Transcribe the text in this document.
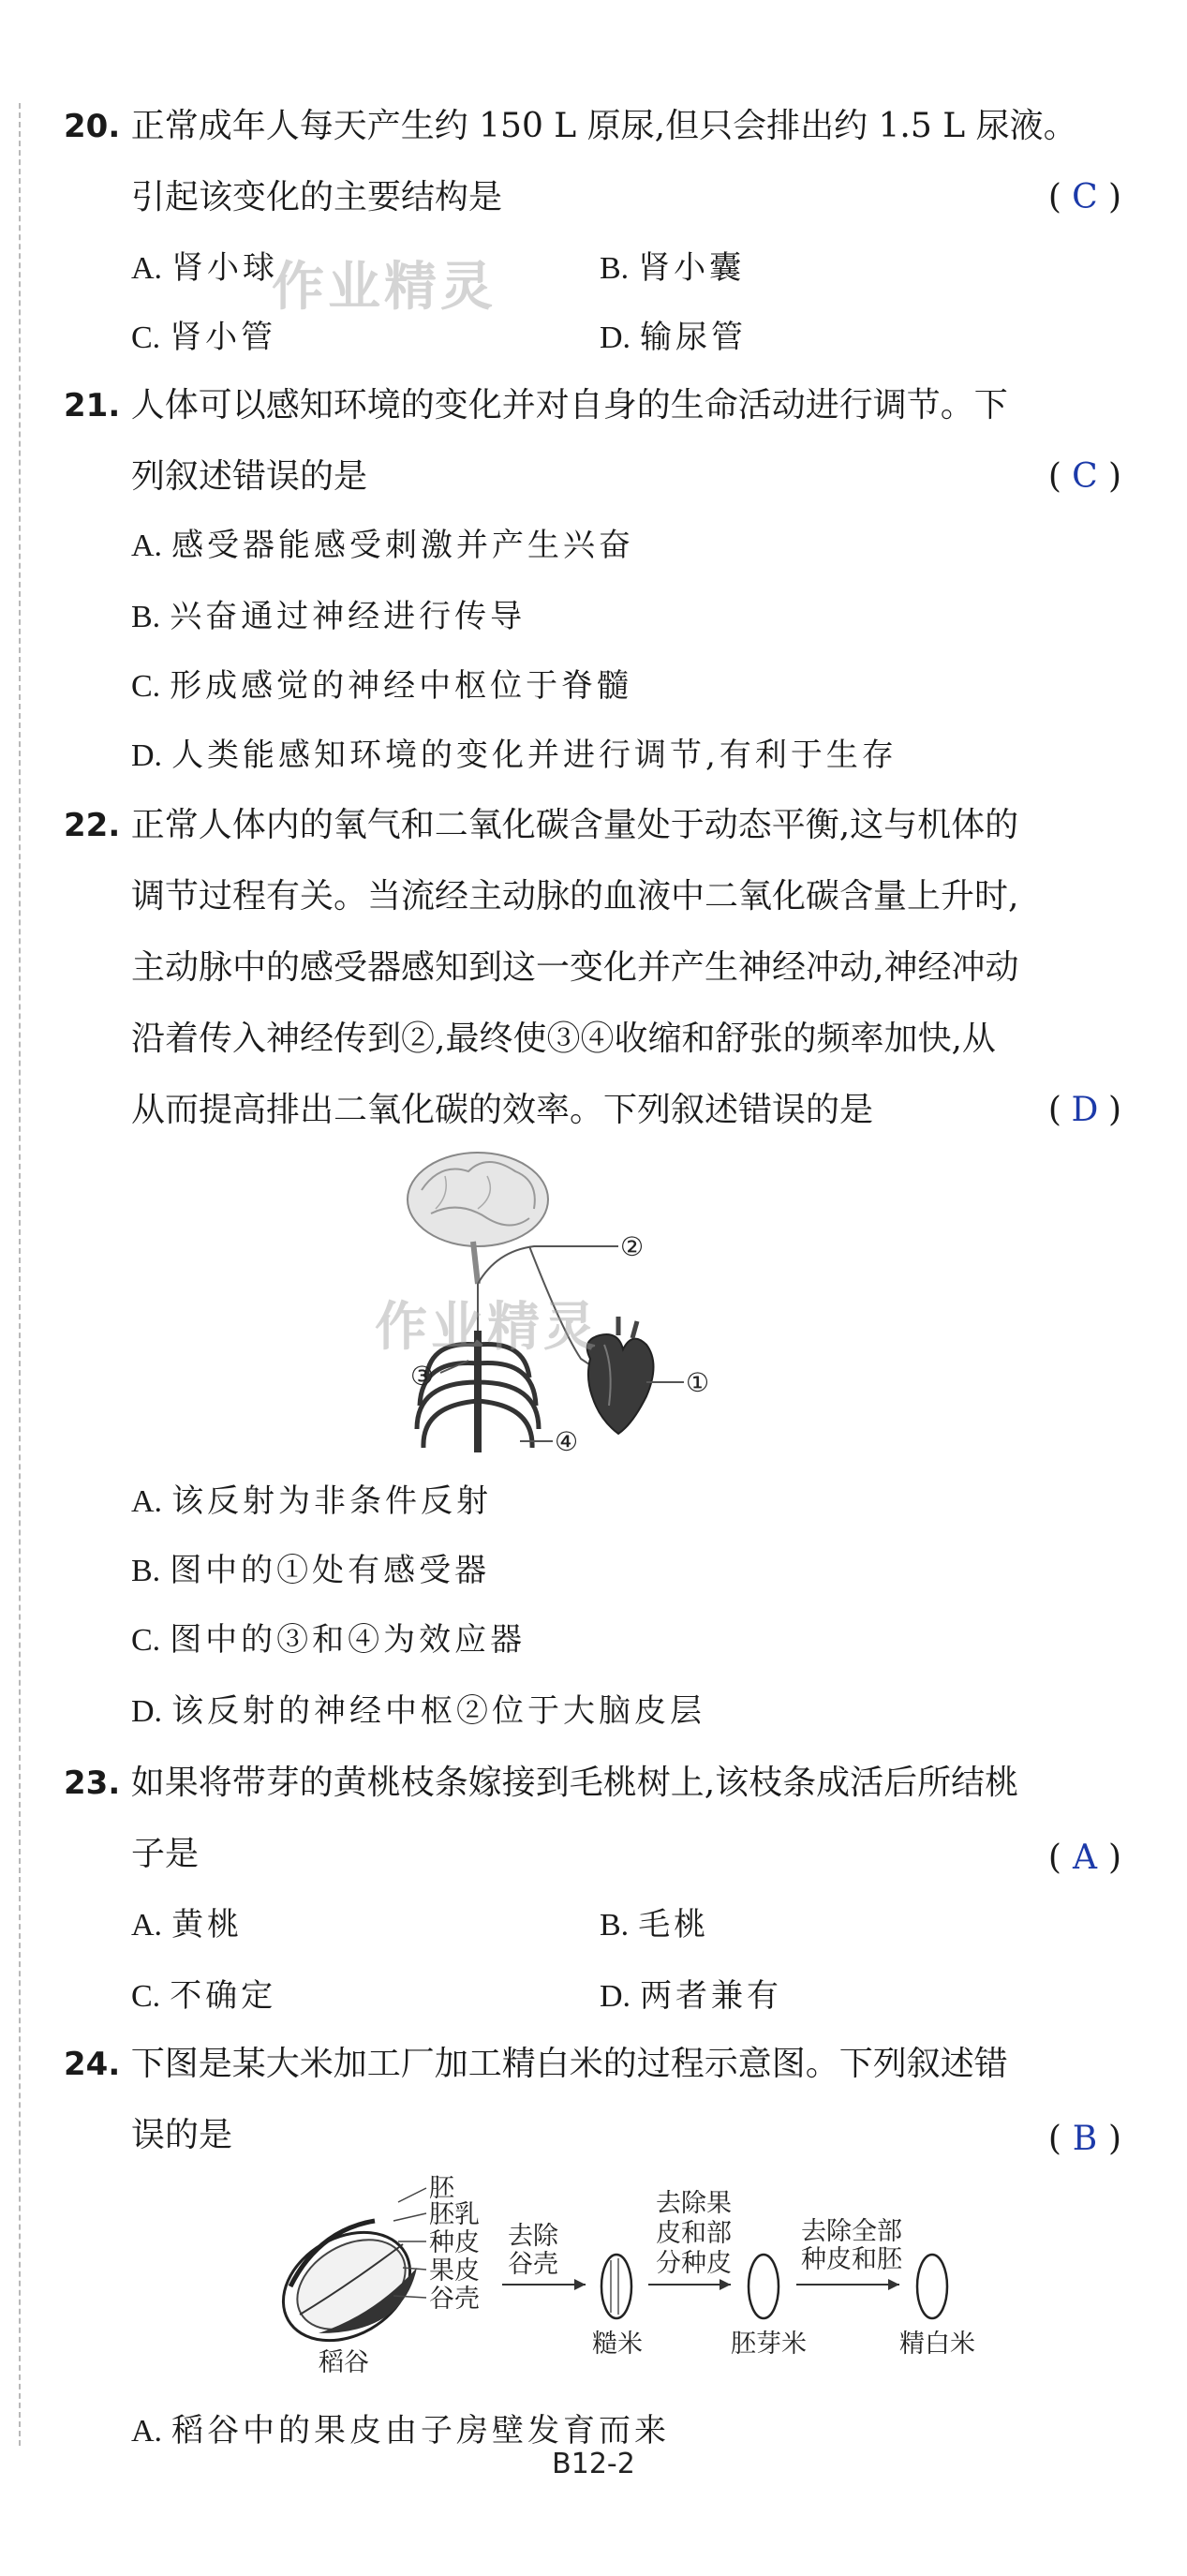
20. 正常成年人每天产生约 150 L 原尿,但只会排出约 1.5 L 尿液。
引起该变化的主要结构是	( C )
A. 肾小球	B. 肾小囊
C. 肾小管	D. 输尿管
作业精灵
21. 人体可以感知环境的变化并对自身的生命活动进行调节。下
列叙述错误的是	( C )
A. 感受器能感受刺激并产生兴奋
B. 兴奋通过神经进行传导
C. 形成感觉的神经中枢位于脊髓
D. 人类能感知环境的变化并进行调节,有利于生存
22. 正常人体内的氧气和二氧化碳含量处于动态平衡,这与机体的
调节过程有关。当流经主动脉的血液中二氧化碳含量上升时,
主动脉中的感受器感知到这一变化并产生神经冲动,神经冲动
沿着传入神经传到②,最终使③④收缩和舒张的频率加快,从
从而提高排出二氧化碳的效率。下列叙述错误的是	( D )
②
①
③
④
作业精灵
A. 该反射为非条件反射
B. 图中的①处有感受器
C. 图中的③和④为效应器
D. 该反射的神经中枢②位于大脑皮层
23. 如果将带芽的黄桃枝条嫁接到毛桃树上,该枝条成活后所结桃
子是	( A )
A. 黄桃	B. 毛桃
C. 不确定	D. 两者兼有
24. 下图是某大米加工厂加工精白米的过程示意图。下列叙述错
误的是	( B )
胚
胚乳
种皮
果皮
谷壳
稻谷
去除
谷壳
糙米
去除果
皮和部
分种皮
胚芽米
去除全部
种皮和胚
精白米
A. 稻谷中的果皮由子房壁发育而来
B12-2
